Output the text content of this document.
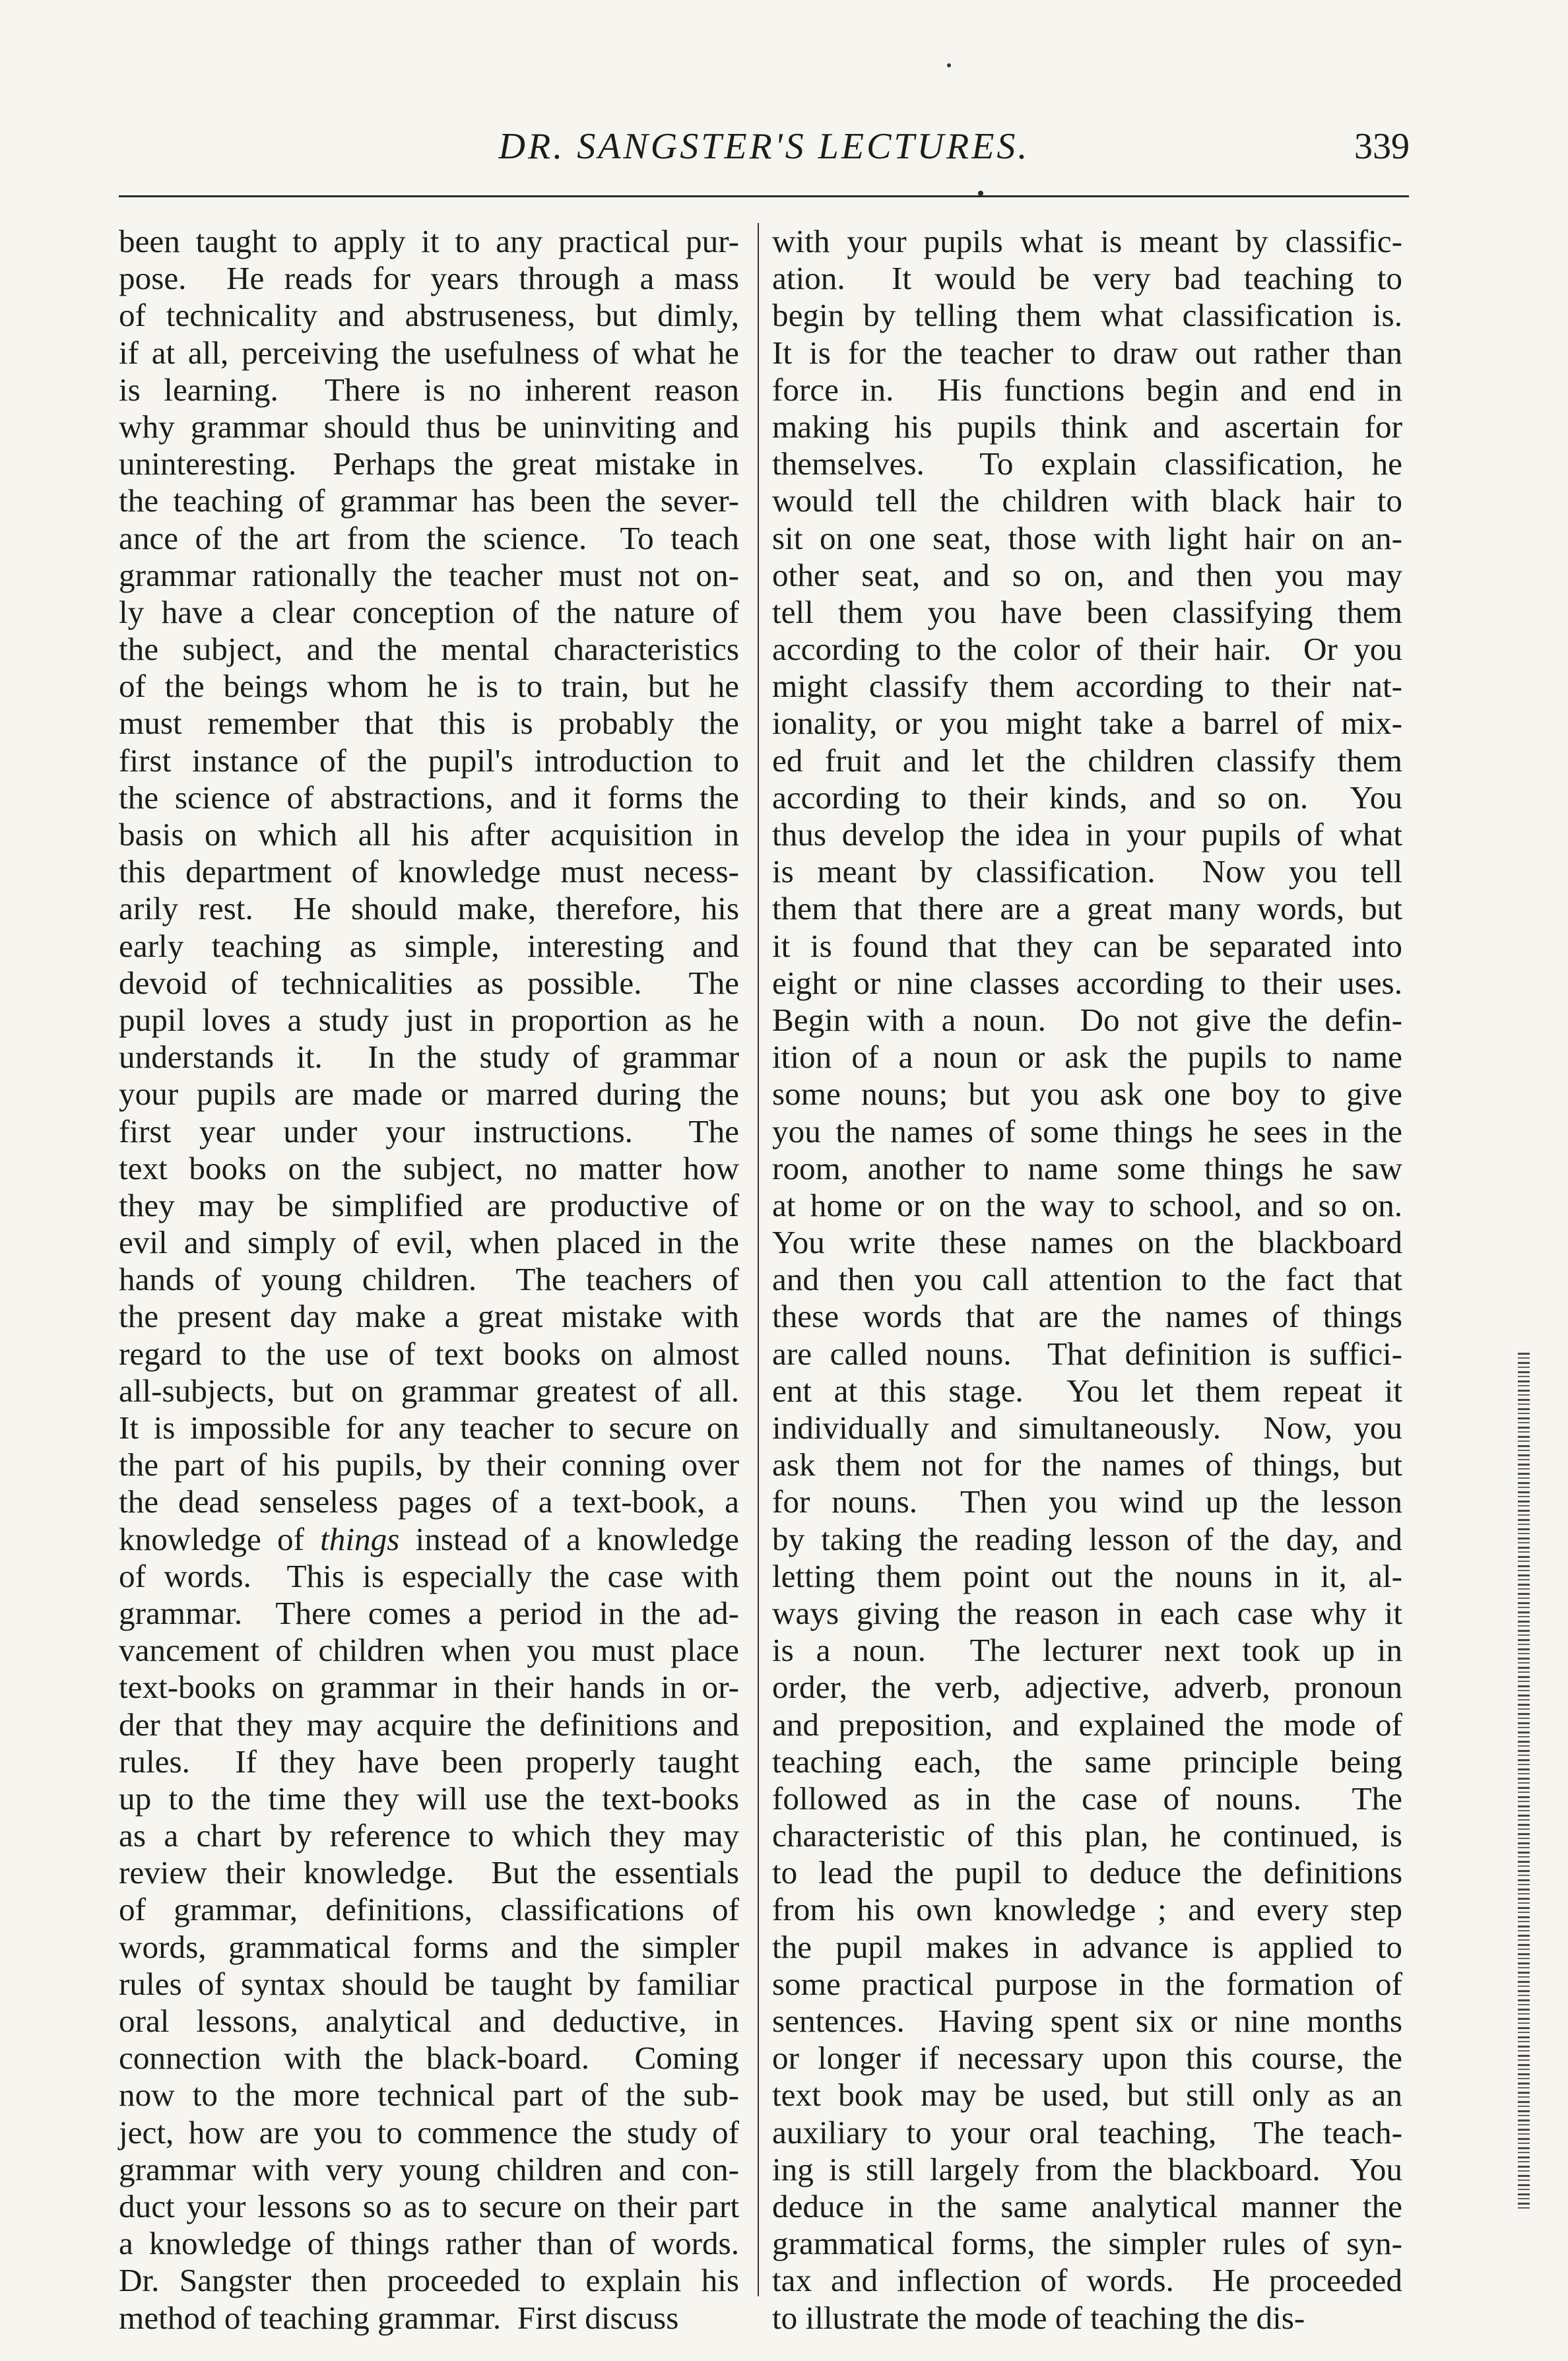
DR. SANGSTER'S LECTURES.	339
been taught to apply it to any practical pur-
pose.  He reads for years through a mass
of technicality and abstruseness, but dimly,
if at all, perceiving the usefulness of what he
is learning.  There is no inherent reason
why grammar should thus be uninviting and
uninteresting.  Perhaps the great mistake in
the teaching of grammar has been the sever-
ance of the art from the science.  To teach
grammar rationally the teacher must not on-
ly have a clear conception of the nature of
the subject, and the mental characteristics
of the beings whom he is to train, but he
must remember that this is probably the
first instance of the pupil's introduction to
the science of abstractions, and it forms the
basis on which all his after acquisition in
this department of knowledge must necess-
arily rest.  He should make, therefore, his
early teaching as simple, interesting and
devoid of technicalities as possible.  The
pupil loves a study just in proportion as he
understands it.  In the study of grammar
your pupils are made or marred during the
first year under your instructions.  The
text books on the subject, no matter how
they may be simplified are productive of
evil and simply of evil, when placed in the
hands of young children.  The teachers of
the present day make a great mistake with
regard to the use of text books on almost
all-subjects, but on grammar greatest of all.
It is impossible for any teacher to secure on
the part of his pupils, by their conning over
the dead senseless pages of a text-book, a
knowledge of things instead of a knowledge
of words.  This is especially the case with
grammar.  There comes a period in the ad-
vancement of children when you must place
text-books on grammar in their hands in or-
der that they may acquire the definitions and
rules.  If they have been properly taught
up to the time they will use the text-books
as a chart by reference to which they may
review their knowledge.  But the essentials
of grammar, definitions, classifications of
words, grammatical forms and the simpler
rules of syntax should be taught by familiar
oral lessons, analytical and deductive, in
connection with the black-board.  Coming
now to the more technical part of the sub-
ject, how are you to commence the study of
grammar with very young children and con-
duct your lessons so as to secure on their part
a knowledge of things rather than of words.
Dr. Sangster then proceeded to explain his
method of teaching grammar.  First discuss
with your pupils what is meant by classific-
ation.  It would be very bad teaching to
begin by telling them what classification is.
It is for the teacher to draw out rather than
force in.  His functions begin and end in
making his pupils think and ascertain for
themselves.  To explain classification, he
would tell the children with black hair to
sit on one seat, those with light hair on an-
other seat, and so on, and then you may
tell them you have been classifying them
according to the color of their hair.  Or you
might classify them according to their nat-
ionality, or you might take a barrel of mix-
ed fruit and let the children classify them
according to their kinds, and so on.  You
thus develop the idea in your pupils of what
is meant by classification.  Now you tell
them that there are a great many words, but
it is found that they can be separated into
eight or nine classes according to their uses.
Begin with a noun.  Do not give the defin-
ition of a noun or ask the pupils to name
some nouns; but you ask one boy to give
you the names of some things he sees in the
room, another to name some things he saw
at home or on the way to school, and so on.
You write these names on the blackboard
and then you call attention to the fact that
these words that are the names of things
are called nouns.  That definition is suffici-
ent at this stage.  You let them repeat it
individually and simultaneously.  Now, you
ask them not for the names of things, but
for nouns.  Then you wind up the lesson
by taking the reading lesson of the day, and
letting them point out the nouns in it, al-
ways giving the reason in each case why it
is a noun.  The lecturer next took up in
order, the verb, adjective, adverb, pronoun
and preposition, and explained the mode of
teaching each, the same principle being
followed as in the case of nouns.  The
characteristic of this plan, he continued, is
to lead the pupil to deduce the definitions
from his own knowledge ; and every step
the pupil makes in advance is applied to
some practical purpose in the formation of
sentences.  Having spent six or nine months
or longer if necessary upon this course, the
text book may be used, but still only as an
auxiliary to your oral teaching,  The teach-
ing is still largely from the blackboard.  You
deduce in the same analytical manner the
grammatical forms, the simpler rules of syn-
tax and inflection of words.  He proceeded
to illustrate the mode of teaching the dis-
